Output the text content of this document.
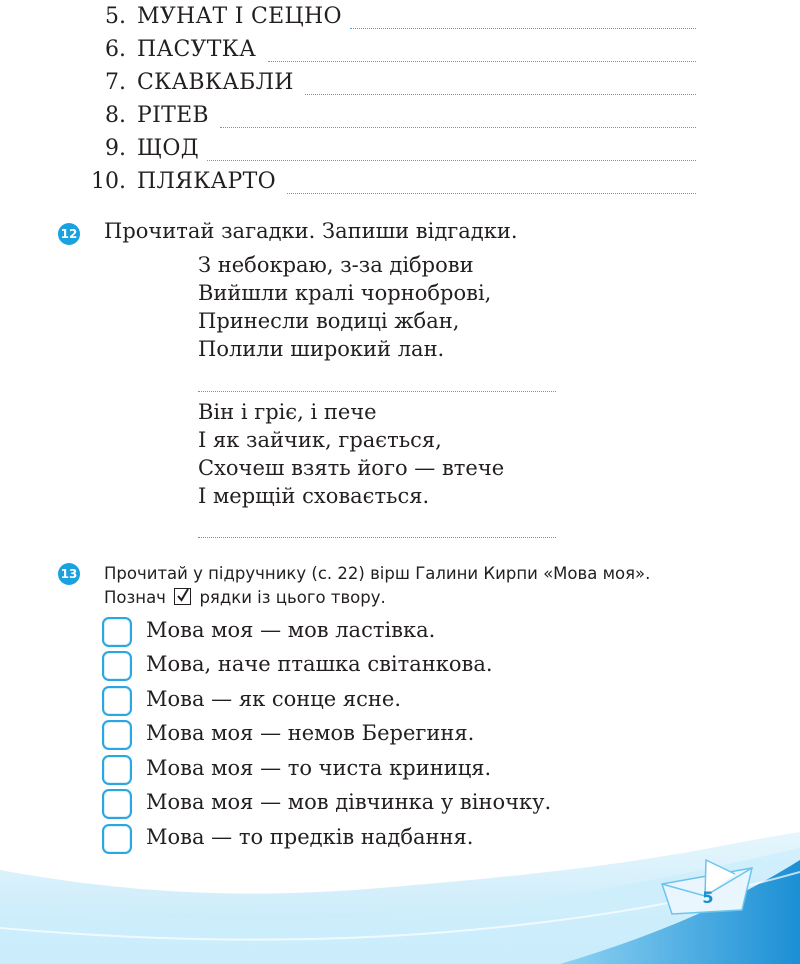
5. МУНАТ І СЕЦНО
6. ПАСУТКА
7. СКАВКАБЛИ
8. РІТЕВ
9. ЩОД
10. ПЛЯКАРТО
12 Прочитай загадки. Запиши відгадки.
З небокраю, з-за діброви
Вийшли кралі чорноброві,
Принесли водиці жбан,
Полили широкий лан.
Він і гріє, і пече
І як зайчик, грається,
Схочеш взять його — втече
І мерщій сховається.
13 Прочитай у підручнику (с. 22) вірш Галини Кирпи «Мова моя».
Познач рядки із цього твору.
Мова моя — мов ластівка.
Мова, наче пташка світанкова.
Мова — як сонце ясне.
Мова моя — немов Берегиня.
Мова моя — то чиста криниця.
Мова моя — мов дівчинка у віночку.
Мова — то предків надбання.
5
